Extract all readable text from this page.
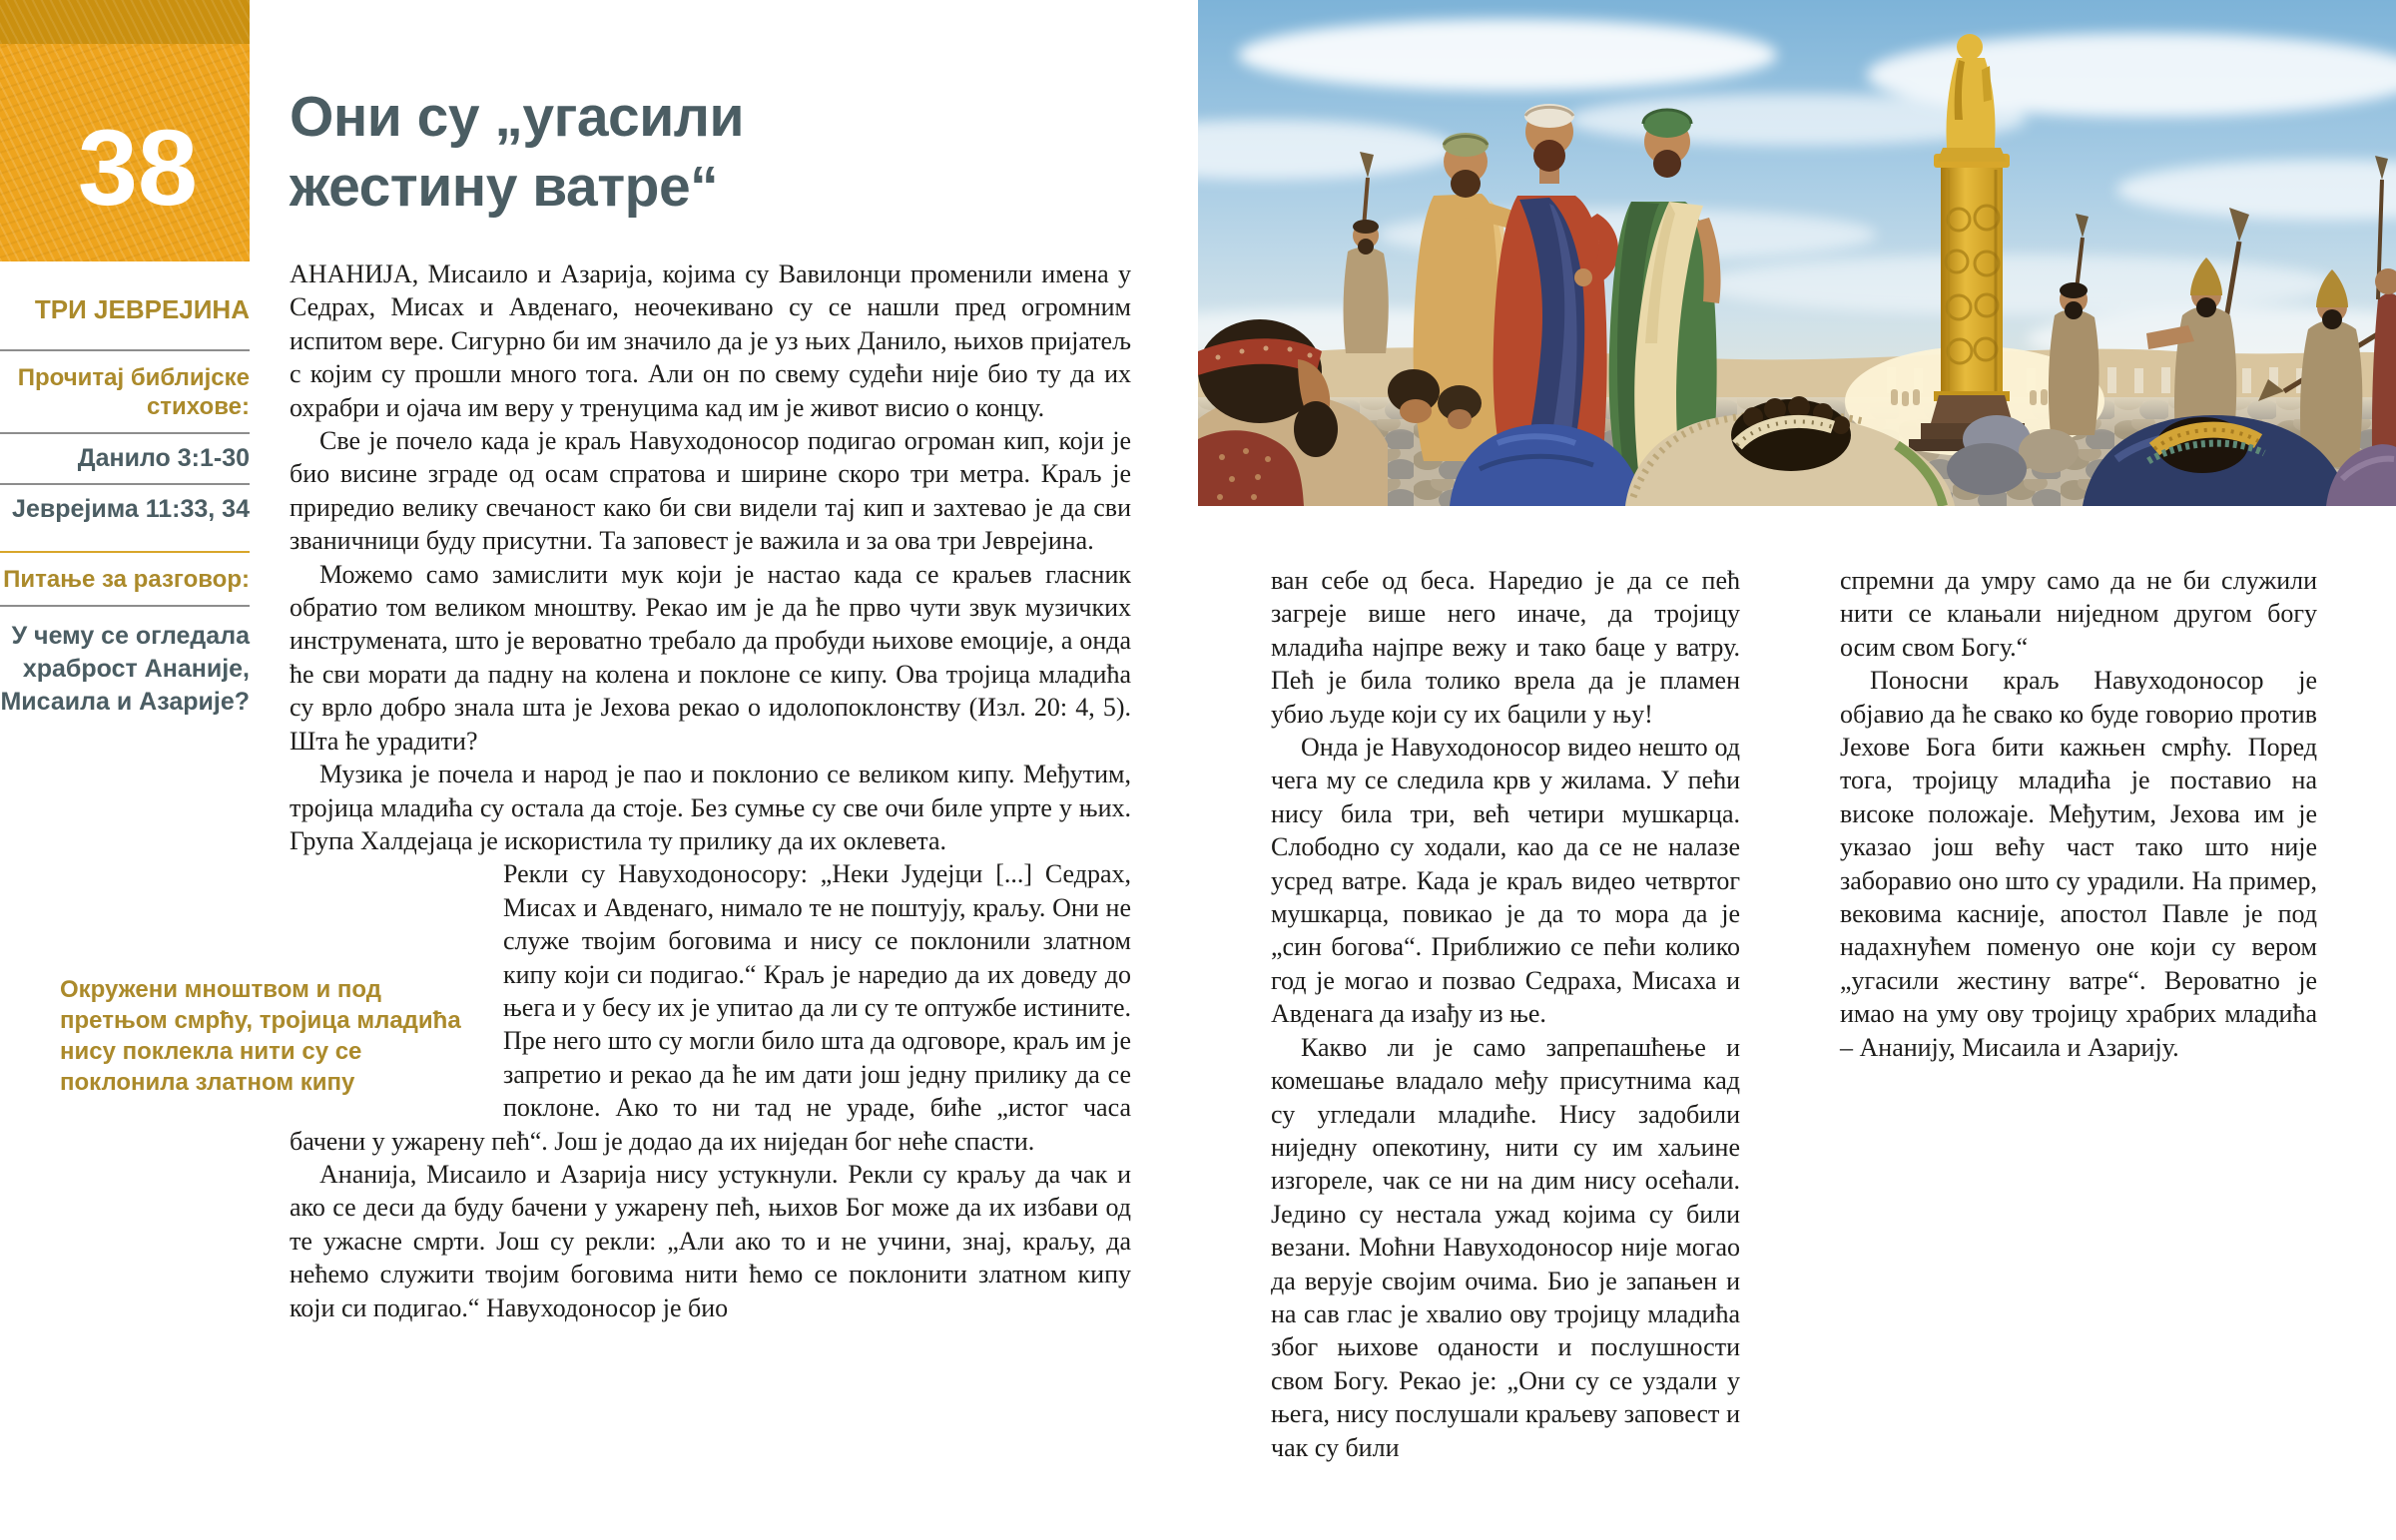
38

ТРИ ЈЕВРЕЈИНА

Прочитај библијске стихове:

Данило 3:1-30

Јеврејима 11:33, 34

Питање за разговор:

У чему се огледала храброст Ананије, Мисаила и Азарије?

Они су „угасили жестину ватре“

АНАНИЈА, Мисаило и Азарија, којима су Вавилонци променили имена у Седрах, Мисах и Авденаго, неочекивано су се нашли пред огромним испитом вере. Сигурно би им значило да је уз њих Данило, њихов пријатељ с којим су прошли много тога. Али он по свему судећи није био ту да их охрабри и ојача им веру у тренуцима кад им је живот висио о концу.

Све је почело када је краљ Навуходоносор подигао огроман кип, који је био висине зграде од осам спратова и ширине скоро три метра. Краљ је приредио велику свечаност како би сви видели тај кип и захтевао је да сви званичници буду присутни. Та заповест је важила и за ова три Јеврејина.

Можемо само замислити мук који је настао када се краљев гласник обратио том великом мноштву. Рекао им је да ће прво чути звук музичких инструмената, што је вероватно требало да пробуди њихове емоције, а онда ће сви морати да падну на колена и поклоне се кипу. Ова тројица младића су врло добро знала шта је Јехова рекао о идолопоклонству (Изл. 20: 4, 5). Шта ће урадити?

Музика је почела и народ је пао и поклонио се великом кипу. Међутим, тројица младића су остала да стоје. Без сумње су све очи биле упрте у њих. Група Халдејаца је искористила ту прилику да их оклевета.

Рекли су Навуходоносору: „Неки Јудејци [...] Седрах, Мисах и Авденаго, нимало те не поштују, краљу. Они не служе твојим боговима и нису се поклонили златном кипу који си подигао.“ Краљ је наредио да их доведу до њега и у бесу их је упитао да ли су те оптужбе истините. Пре него што су могли било шта да одговоре, краљ им је запретио и рекао да ће им дати још једну прилику да се поклоне. Ако то ни тад не ураде, биће „истог часа бачени у ужарену пећ“. Још је додао да их ниједан бог неће спасти.

Ананија, Мисаило и Азарија нису устукнули. Рекли су краљу да чак и ако се деси да буду бачени у ужарену пећ, њихов Бог може да их избави од те ужасне смрти. Још су рекли: „Али ако то и не учини, знај, краљу, да нећемо служити твојим боговима нити ћемо се поклонити златном кипу који си подигао.“ Навуходоносор је био

Окружени мноштвом и под претњом смрћу, тројица младића нису поклекла нити су се поклонила златном кипу

ван себе од беса. Наредио је да се пећ загреје више него иначе, да тројицу младића најпре вежу и тако баце у ватру. Пећ је била толико врела да је пламен убио људе који су их бацили у њу!

Онда је Навуходоносор видео нешто од чега му се следила крв у жилама. У пећи нису била три, већ четири мушкарца. Слободно су ходали, као да се не налазе усред ватре. Када је краљ видео четвртог мушкарца, повикао је да то мора да је „син богова“. Приближио се пећи колико год је могао и позвао Седраха, Мисаха и Авденага да изађу из ње.

Какво ли је само запрепашћење и комешање владало међу присутнима кад су угледали младиће. Нису задобили ниједну опекотину, нити су им хаљине изгореле, чак се ни на дим нису осећали. Једино су нестала ужад којима су били везани. Моћни Навуходоносор није могао да верује својим очима. Био је запањен и на сав глас је хвалио ову тројицу младића због њихове оданости и послушности свом Богу. Рекао је: „Они су се уздали у њега, нису послушали краљеву заповест и чак су били

спремни да умру само да не би служили нити се клањали ниједном другом богу осим свом Богу.“

Поносни краљ Навуходоносор је објавио да ће свако ко буде говорио против Јехове Бога бити кажњен смрћу. Поред тога, тројицу младића је поставио на високе положаје. Међутим, Јехова им је указао још већу част тако што није заборавио оно што су урадили. На пример, вековима касније, апостол Павле је под надахнућем поменуо оне који су вером „угасили жестину ватре“. Вероватно је имао на уму ову тројицу храбрих младића – Ананију, Мисаила и Азарију.
